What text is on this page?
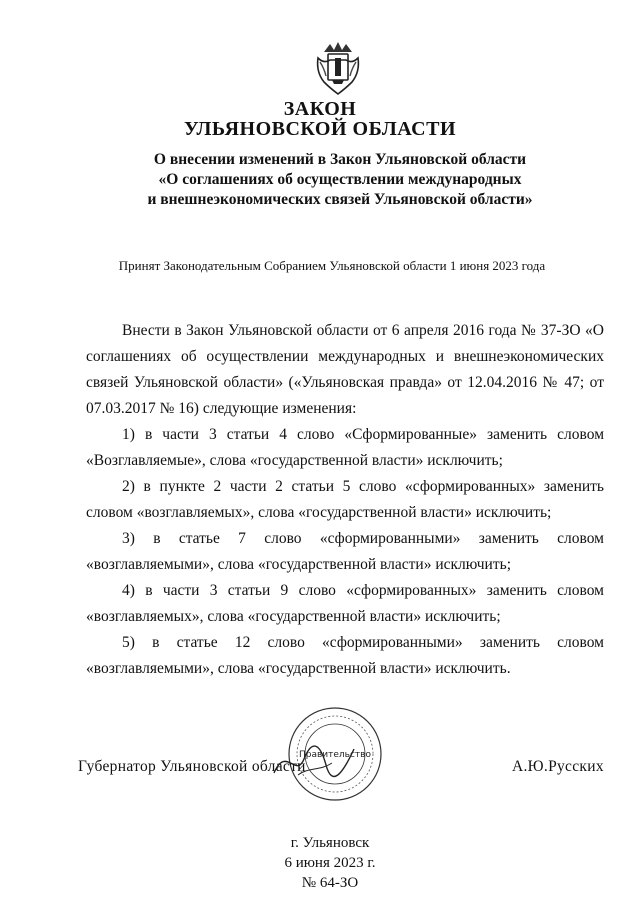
ЗАКОН
УЛЬЯНОВСКОЙ ОБЛАСТИ
О внесении изменений в Закон Ульяновской области
«О соглашениях об осуществлении международных
и внешнеэкономических связей Ульяновской области»
Принят Законодательным Собранием Ульяновской области 1 июня 2023 года

Внести в Закон Ульяновской области от 6 апреля 2016 года № 37-ЗО «О соглашениях об осуществлении международных и внешнеэкономических связей Ульяновской области» («Ульяновская правда» от 12.04.2016 № 47; от 07.03.2017 № 16) следующие изменения:

1) в части 3 статьи 4 слово «Сформированные» заменить словом «Возглавляемые», слова «государственной власти» исключить;

2) в пункте 2 части 2 статьи 5 слово «сформированных» заменить словом «возглавляемых», слова «государственной власти» исключить;

3) в статье 7 слово «сформированными» заменить словом «возглавляемыми», слова «государственной власти» исключить;

4) в части 3 статьи 9 слово «сформированных» заменить словом «возглавляемых», слова «государственной власти» исключить;

5) в статье 12 слово «сформированными» заменить словом «возглавляемыми», слова «государственной власти» исключить.

Правительство
Губернатор Ульяновской области	А.Ю.Русских

г. Ульяновск

6 июня 2023 г.

№ 64-ЗО
